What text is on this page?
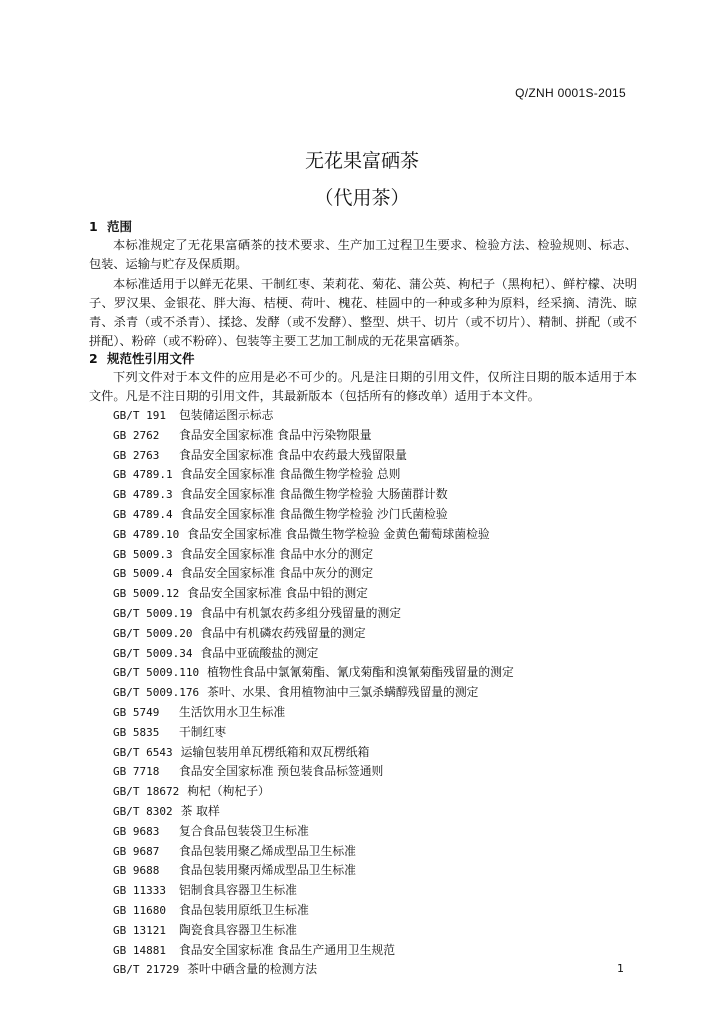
Q/ZNH 0001S-2015
无花果富硒茶
（代用茶）
1 范围

本标准规定了无花果富硒茶的技术要求、生产加工过程卫生要求、检验方法、检验规则、标志、包装、运输与贮存及保质期。

本标准适用于以鲜无花果、干制红枣、茉莉花、菊花、蒲公英、枸杞子（黑枸杞）、鲜柠檬、决明子、罗汉果、金银花、胖大海、桔梗、荷叶、槐花、桂圆中的一种或多种为原料，经采摘、清洗、晾青、杀青（或不杀青）、揉捻、发酵（或不发酵）、整型、烘干、切片（或不切片）、精制、拼配（或不拼配）、粉碎（或不粉碎）、包装等主要工艺加工制成的无花果富硒茶。

2 规范性引用文件

下列文件对于本文件的应用是必不可少的。凡是注日期的引用文件，仅所注日期的版本适用于本文件。凡是不注日期的引用文件，其最新版本（包括所有的修改单）适用于本文件。

GB/T 191 包装储运图示标志
GB 2762 食品安全国家标准 食品中污染物限量
GB 2763 食品安全国家标准 食品中农药最大残留限量
GB 4789.1 食品安全国家标准 食品微生物学检验 总则
GB 4789.3 食品安全国家标准 食品微生物学检验 大肠菌群计数
GB 4789.4 食品安全国家标准 食品微生物学检验 沙门氏菌检验
GB 4789.10 食品安全国家标准 食品微生物学检验 金黄色葡萄球菌检验
GB 5009.3 食品安全国家标准 食品中水分的测定
GB 5009.4 食品安全国家标准 食品中灰分的测定
GB 5009.12 食品安全国家标准 食品中铅的测定
GB/T 5009.19 食品中有机氯农药多组分残留量的测定
GB/T 5009.20 食品中有机磷农药残留量的测定
GB/T 5009.34 食品中亚硫酸盐的测定
GB/T 5009.110 植物性食品中氯氰菊酯、氰戊菊酯和溴氰菊酯残留量的测定
GB/T 5009.176 茶叶、水果、食用植物油中三氯杀螨醇残留量的测定
GB 5749 生活饮用水卫生标准
GB 5835 干制红枣
GB/T 6543 运输包装用单瓦楞纸箱和双瓦楞纸箱
GB 7718 食品安全国家标准 预包装食品标签通则
GB/T 18672 枸杞（枸杞子）
GB/T 8302 茶 取样
GB 9683 复合食品包装袋卫生标准
GB 9687 食品包装用聚乙烯成型品卫生标准
GB 9688 食品包装用聚丙烯成型品卫生标准
GB 11333 铝制食具容器卫生标准
GB 11680 食品包装用原纸卫生标准
GB 13121 陶瓷食具容器卫生标准
GB 14881 食品安全国家标准 食品生产通用卫生规范
GB/T 21729 茶叶中硒含量的检测方法	1
